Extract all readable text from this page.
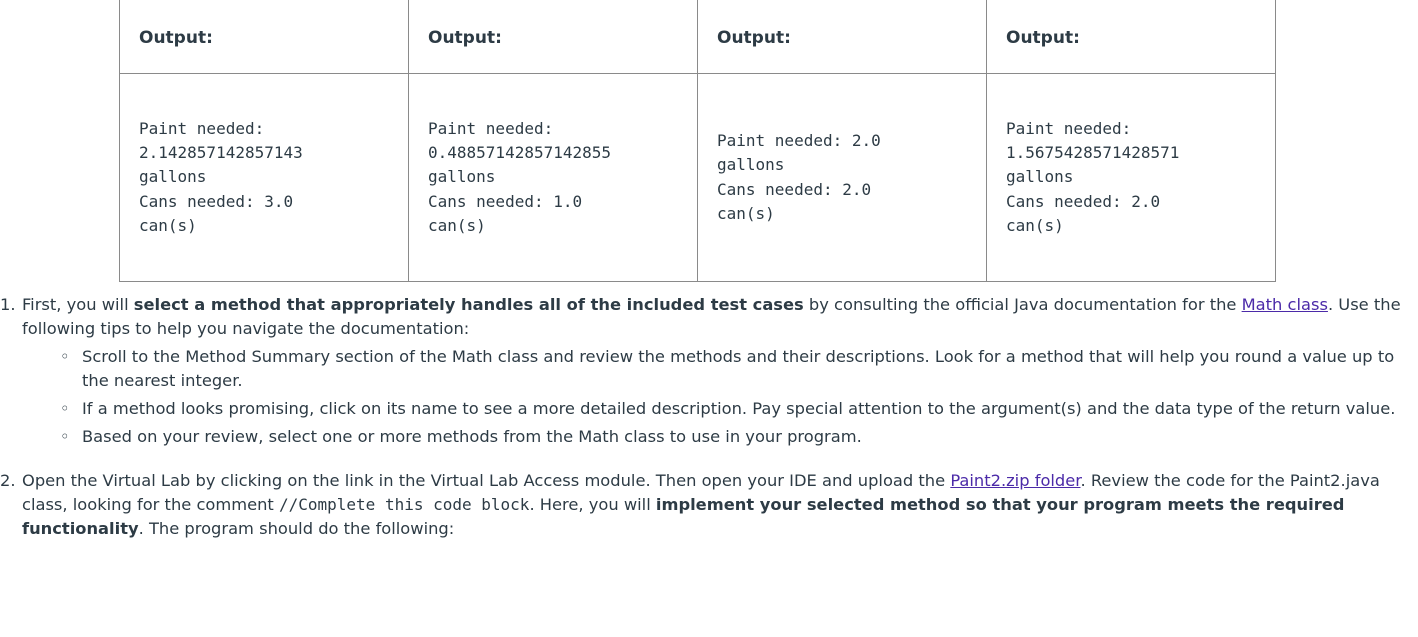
Output:	Output:	Output:	Output:

Paint needed:
2.142857142857143
gallons
Cans needed: 3.0
can(s)	Paint needed:
0.48857142857142855
gallons
Cans needed: 1.0
can(s)	Paint needed: 2.0
gallons
Cans needed: 2.0
can(s)	Paint needed:
1.5675428571428571
gallons
Cans needed: 2.0
can(s)
1. First, you will select a method that appropriately handles all of the included test cases by consulting the official Java documentation for the Math class. Use the following tips to help you navigate the documentation:
◦ Scroll to the Method Summary section of the Math class and review the methods and their descriptions. Look for a method that will help you round a value up to the nearest integer.
◦ If a method looks promising, click on its name to see a more detailed description. Pay special attention to the argument(s) and the data type of the return value.
◦ Based on your review, select one or more methods from the Math class to use in your program.
2. Open the Virtual Lab by clicking on the link in the Virtual Lab Access module. Then open your IDE and upload the Paint2.zip folder. Review the code for the Paint2.java class, looking for the comment //Complete this code block. Here, you will implement your selected method so that your program meets the required functionality. The program should do the following:
